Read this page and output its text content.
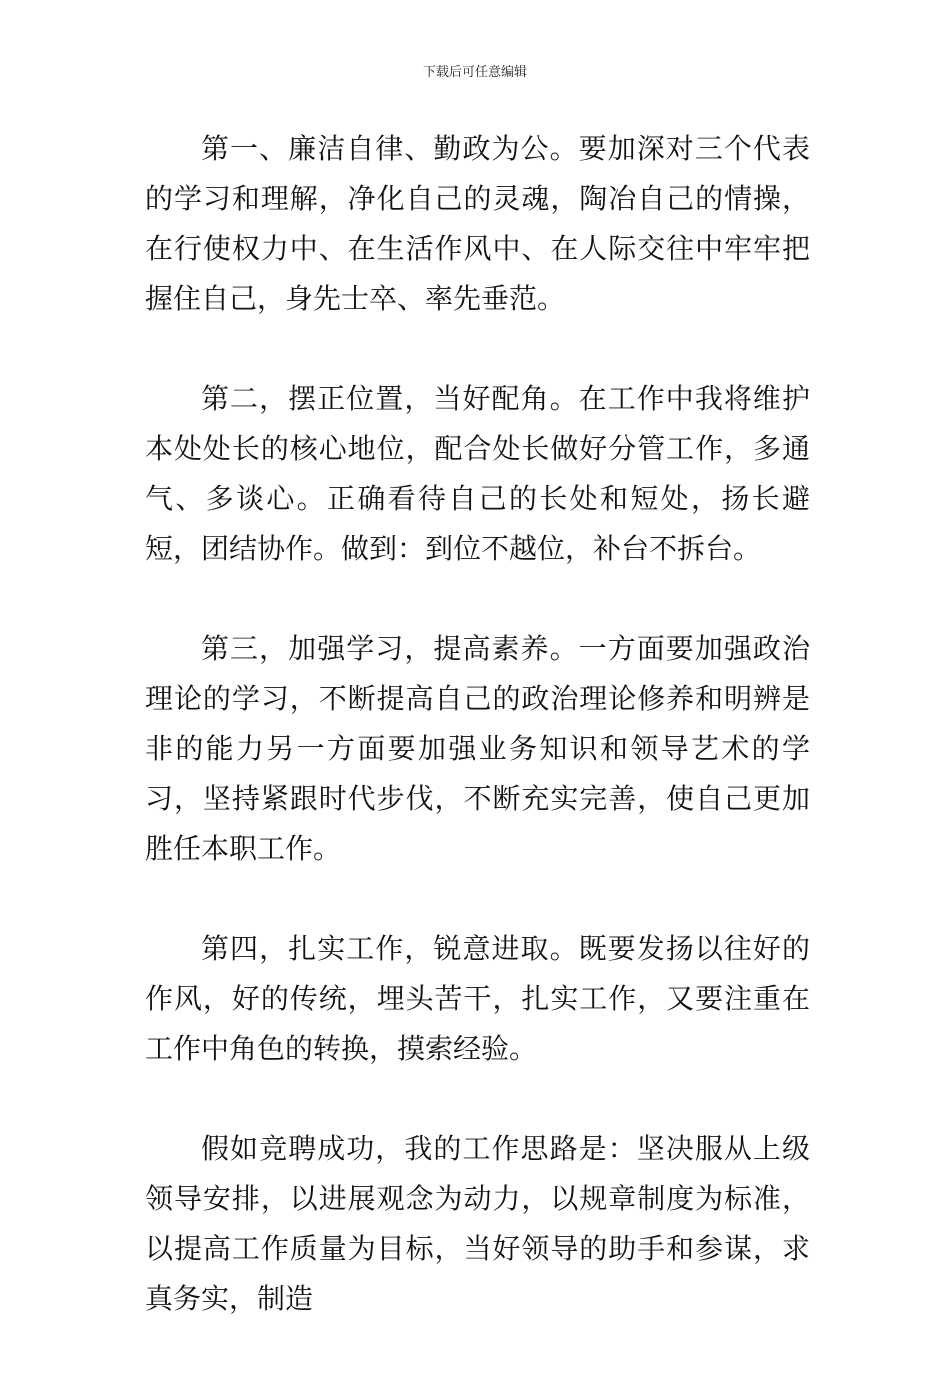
下载后可任意编辑

第一、廉洁自律、勤政为公。要加深对三个代表的学习和理解，净化自己的灵魂，陶冶自己的情操，在行使权力中、在生活作风中、在人际交往中牢牢把握住自己，身先士卒、率先垂范。

第二，摆正位置，当好配角。在工作中我将维护本处处长的核心地位，配合处长做好分管工作，多通气、多谈心。正确看待自己的长处和短处，扬长避短，团结协作。做到：到位不越位，补台不拆台。

第三，加强学习，提高素养。一方面要加强政治理论的学习，不断提高自己的政治理论修养和明辨是非的能力另一方面要加强业务知识和领导艺术的学习，坚持紧跟时代步伐，不断充实完善，使自己更加胜任本职工作。

第四，扎实工作，锐意进取。既要发扬以往好的作风，好的传统，埋头苦干，扎实工作，又要注重在工作中角色的转换，摸索经验。

假如竞聘成功，我的工作思路是：坚决服从上级领导安排，以进展观念为动力，以规章制度为标准，以提高工作质量为目标，当好领导的助手和参谋，求真务实，制造
